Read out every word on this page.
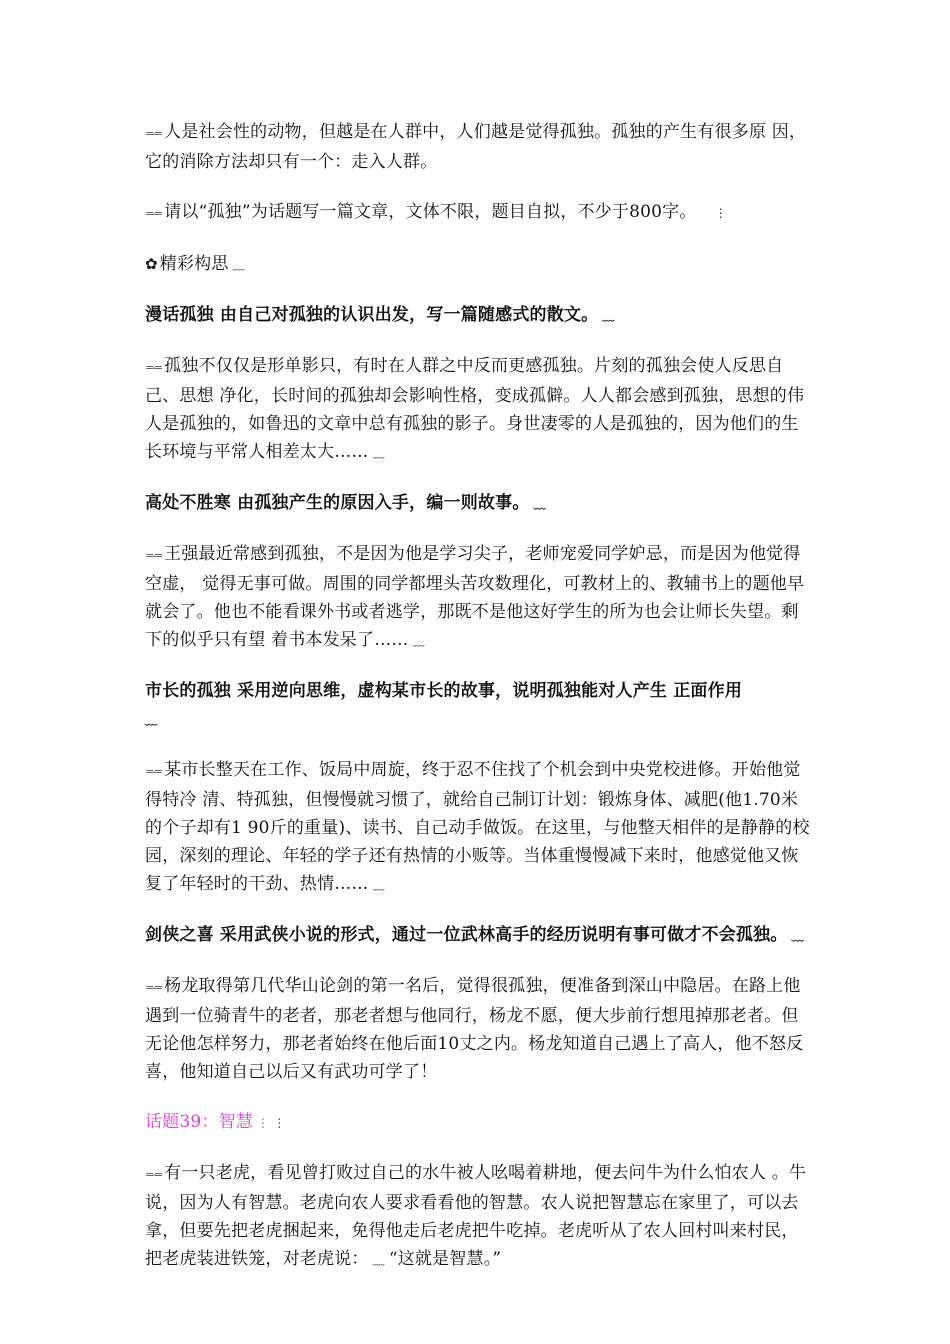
=-= 人是社会性的动物，但越是在人群中，人们越是觉得孤独。孤独的产生有很多原 因，它的消除方法却只有一个：走入人群。

=-= 请以“孤独”为话题写一篇文章，文体不限，题目自拟，不少于800字。 ⋮

✿ 精彩构思 ﹏

漫话孤独 由自己对孤独的认识出发，写一篇随感式的散文。 ﹏

=-= 孤独不仅仅是形单影只，有时在人群之中反而更感孤独。片刻的孤独会使人反思自己、思想 净化，长时间的孤独却会影响性格，变成孤僻。人人都会感到孤独，思想的伟人是孤独的，如鲁迅的文章中总有孤独的影子。身世凄零的人是孤独的，因为他们的生长环境与平常人相差太大…… ﹏

高处不胜寒 由孤独产生的原因入手，编一则故事。 ﹏

=-= 王强最近常感到孤独，不是因为他是学习尖子，老师宠爱同学妒忌，而是因为他觉得空虚， 觉得无事可做。周围的同学都埋头苦攻数理化，可教材上的、教辅书上的题他早就会了。他也不能看课外书或者逃学，那既不是他这好学生的所为也会让师长失望。剩下的似乎只有望 着书本发呆了…… ﹏

市长的孤独 采用逆向思维，虚构某市长的故事，说明孤独能对人产生 正面作用
﹏

=-= 某市长整天在工作、饭局中周旋，终于忍不住找了个机会到中央党校进修。开始他觉得特冷 清、特孤独，但慢慢就习惯了，就给自己制订计划：锻炼身体、减肥(他1.70米的个子却有1 90斤的重量)、读书、自己动手做饭。在这里，与他整天相伴的是静静的校园，深刻的理论、年轻的学子还有热情的小贩等。当体重慢慢减下来时，他感觉他又恢复了年轻时的干劲、热情…… ﹏

剑侠之喜 采用武侠小说的形式，通过一位武林高手的经历说明有事可做才不会孤独。 ﹏

=-= 杨龙取得第几代华山论剑的第一名后，觉得很孤独，便准备到深山中隐居。在路上他遇到一位骑青牛的老者，那老者想与他同行，杨龙不愿，便大步前行想甩掉那老者。但无论他怎样努力，那老者始终在他后面10丈之内。杨龙知道自己遇上了高人，他不怒反喜，他知道自己以后又有武功可学了！

话题39：智慧 ⋮ ⋮

=-= 有一只老虎，看见曾打败过自己的水牛被人吆喝着耕地，便去问牛为什么怕农人 。牛说，因为人有智慧。老虎向农人要求看看他的智慧。农人说把智慧忘在家里了，可以去拿，但要先把老虎捆起来，免得他走后老虎把牛吃掉。老虎听从了农人回村叫来村民，把老虎装进铁笼，对老虎说： ﹏ “这就是智慧。”
